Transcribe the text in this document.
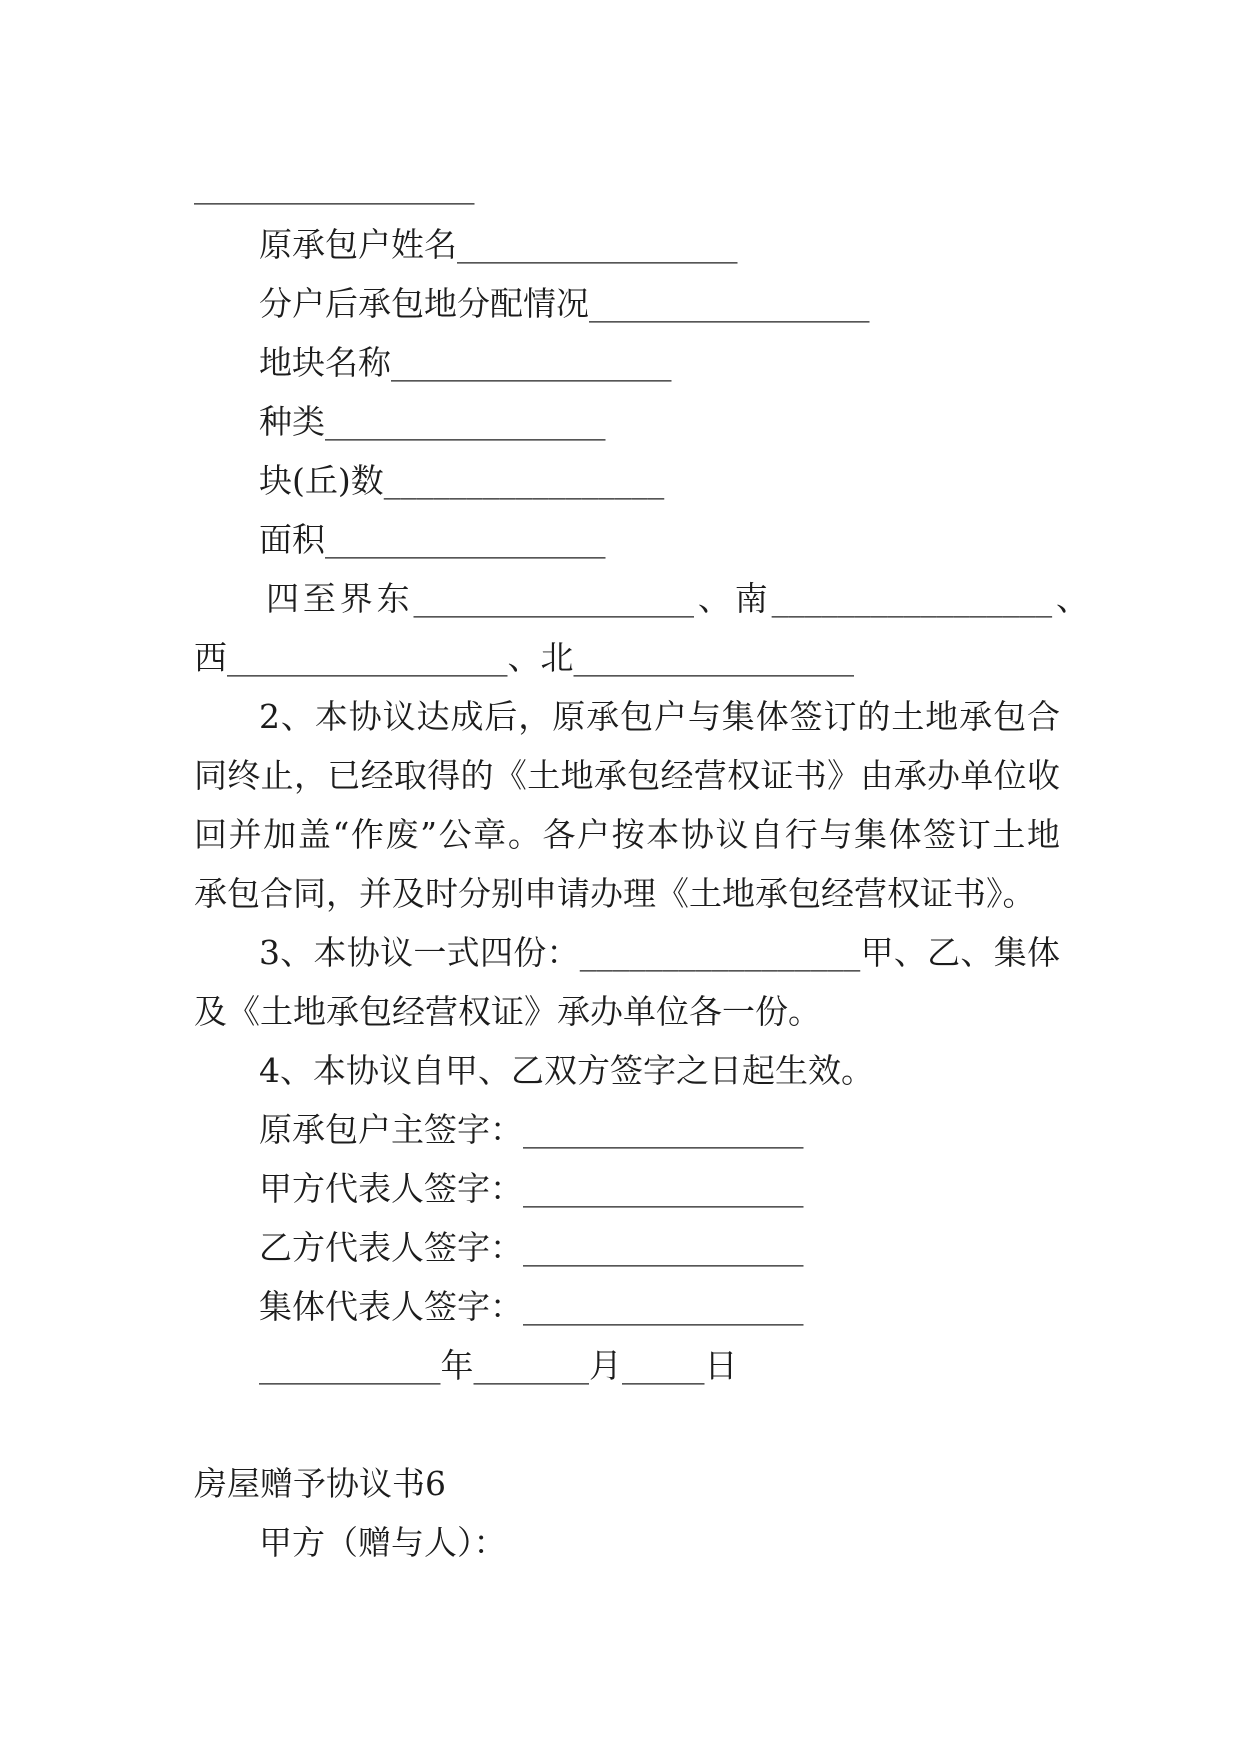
_________________
原承包户姓名_________________
分户后承包地分配情况_________________
地块名称_________________
种类_________________
块(丘)数_________________
面积_________________
四至界东_________________、南_________________、
西_________________、北_________________
2、本协议达成后，原承包户与集体签订的土地承包合
同终止，已经取得的《土地承包经营权证书》由承办单位收
回并加盖“作废”公章。各户按本协议自行与集体签订土地
承包合同，并及时分别申请办理《土地承包经营权证书》。
3、本协议一式四份：_________________甲、乙、集体
及《土地承包经营权证》承办单位各一份。
4、本协议自甲、乙双方签字之日起生效。
原承包户主签字：_________________
甲方代表人签字：_________________
乙方代表人签字：_________________
集体代表人签字：_________________
___________年_______月_____日
房屋赠予协议书6
甲方（赠与人）：
